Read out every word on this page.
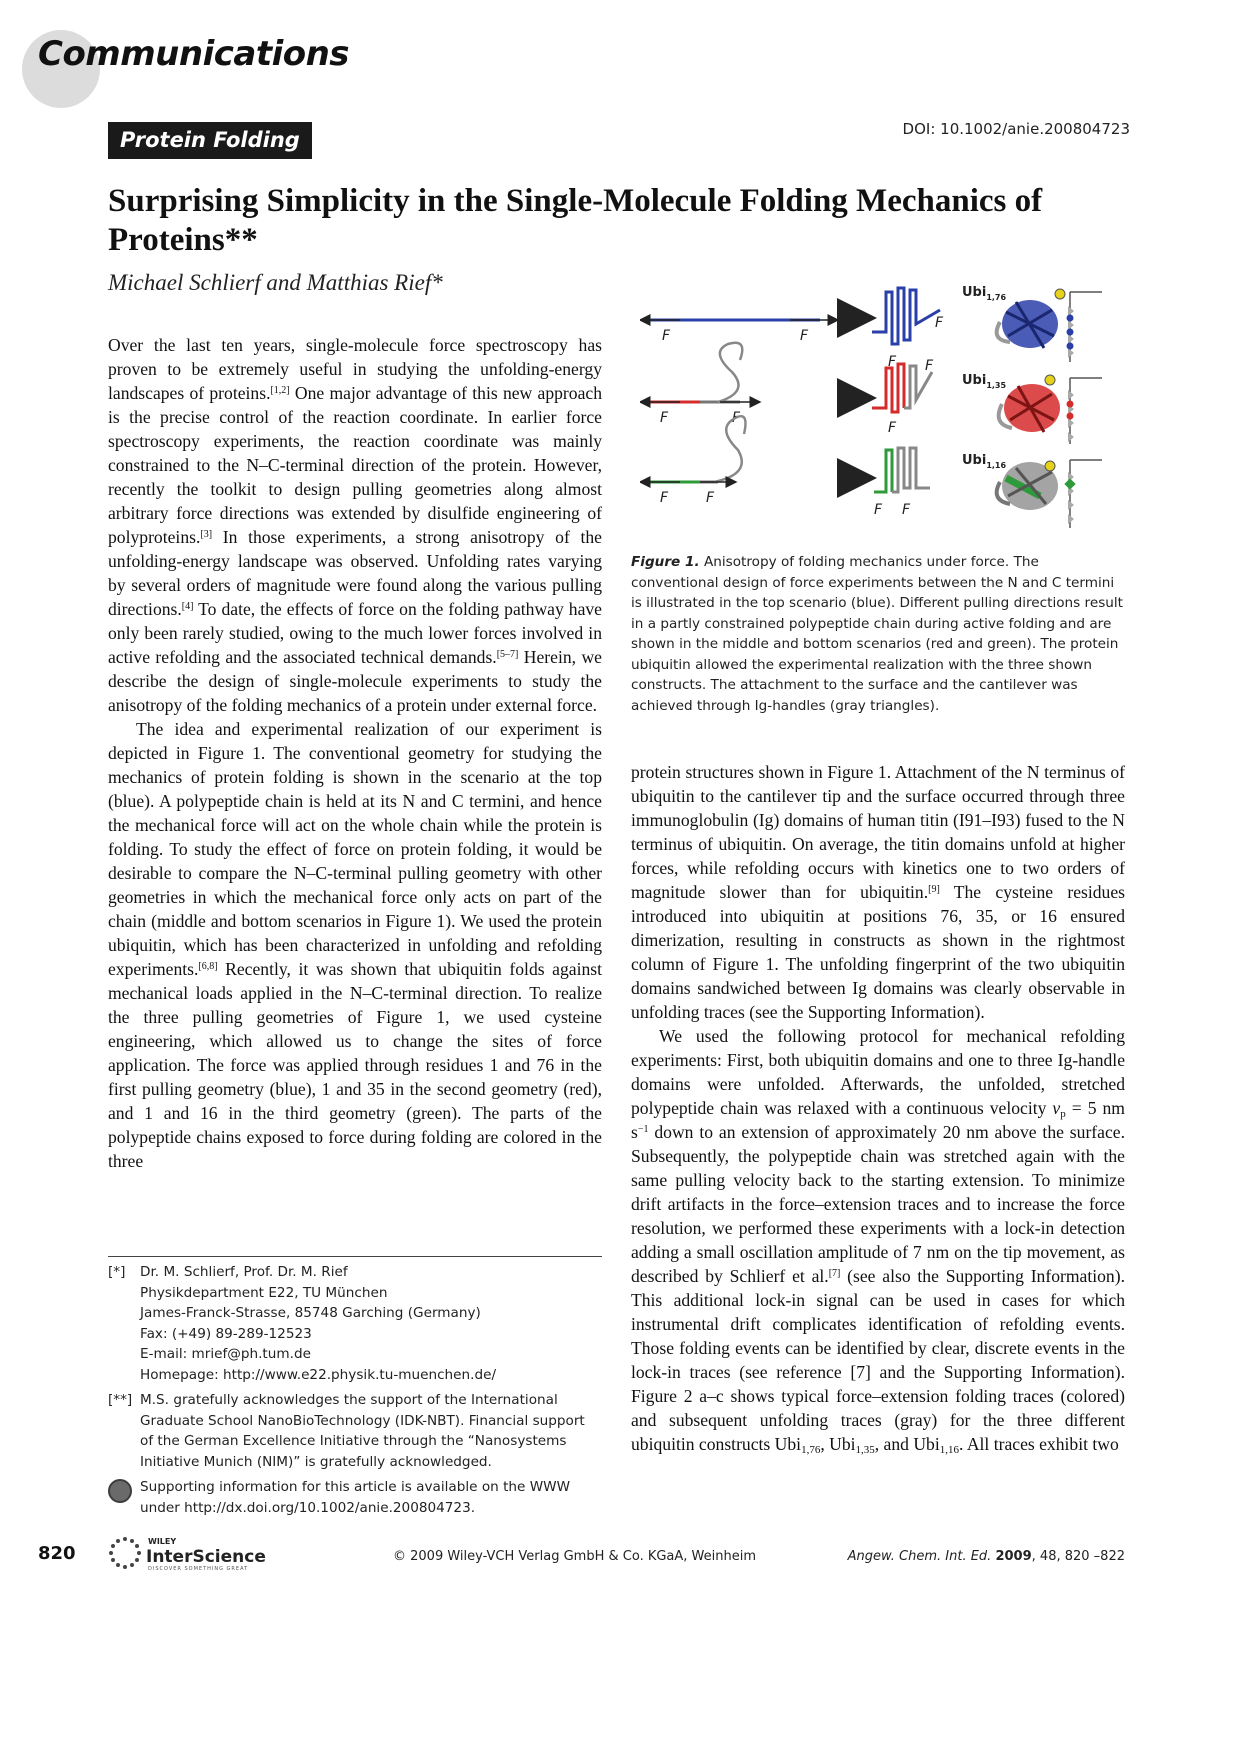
Communications
Protein Folding	DOI: 10.1002/anie.200804723
Surprising Simplicity in the Single-Molecule Folding Mechanics of Proteins**
Michael Schlierf and Matthias Rief*
F	F
F
F
Ubi$_{1,76}$
F	F
F
F
Ubi$_{1,35}$
F	F
F F
Ubi$_{1,16}$
Figure 1. Anisotropy of folding mechanics under force. The conventional design of force experiments between the N and C termini is illustrated in the top scenario (blue). Different pulling directions result in a partly constrained polypeptide chain during active folding and are shown in the middle and bottom scenarios (red and green). The protein ubiquitin allowed the experimental realization with the three shown constructs. The attachment to the surface and the cantilever was achieved through Ig-handles (gray triangles).

Over the last ten years, single-molecule force spectroscopy has proven to be extremely useful in studying the unfolding-energy landscapes of proteins.[1,2] One major advantage of this new approach is the precise control of the reaction coordinate. In earlier force spectroscopy experiments, the reaction coordinate was mainly constrained to the N–C-terminal direction of the protein. However, recently the toolkit to design pulling geometries along almost arbitrary force directions was extended by disulfide engineering of polyproteins.[3] In those experiments, a strong anisotropy of the unfolding-energy landscape was observed. Unfolding rates varying by several orders of magnitude were found along the various pulling directions.[4] To date, the effects of force on the folding pathway have only been rarely studied, owing to the much lower forces involved in active refolding and the associated technical demands.[5–7] Herein, we describe the design of single-molecule experiments to study the anisotropy of the folding mechanics of a protein under external force.

The idea and experimental realization of our experiment is depicted in Figure 1. The conventional geometry for studying the mechanics of protein folding is shown in the scenario at the top (blue). A polypeptide chain is held at its N and C termini, and hence the mechanical force will act on the whole chain while the protein is folding. To study the effect of force on protein folding, it would be desirable to compare the N–C-terminal pulling geometry with other geometries in which the mechanical force only acts on part of the chain (middle and bottom scenarios in Figure 1). We used the protein ubiquitin, which has been characterized in unfolding and refolding experiments.[6,8] Recently, it was shown that ubiquitin folds against mechanical loads applied in the N–C-terminal direction. To realize the three pulling geometries of Figure 1, we used cysteine engineering, which allowed us to change the sites of force application. The force was applied through residues 1 and 76 in the first pulling geometry (blue), 1 and 35 in the second geometry (red), and 1 and 16 in the third geometry (green). The parts of the polypeptide chains exposed to force during folding are colored in the three

protein structures shown in Figure 1. Attachment of the N terminus of ubiquitin to the cantilever tip and the surface occurred through three immunoglobulin (Ig) domains of human titin (I91–I93) fused to the N terminus of ubiquitin. On average, the titin domains unfold at higher forces, while refolding occurs with kinetics one to two orders of magnitude slower than for ubiquitin.[9] The cysteine residues introduced into ubiquitin at positions 76, 35, or 16 ensured dimerization, resulting in constructs as shown in the rightmost column of Figure 1. The unfolding fingerprint of the two ubiquitin domains sandwiched between Ig domains was clearly observable in unfolding traces (see the Supporting Information).

We used the following protocol for mechanical refolding experiments: First, both ubiquitin domains and one to three Ig-handle domains were unfolded. Afterwards, the unfolded, stretched polypeptide chain was relaxed with a continuous velocity $v_p = 5$ nm $s^{-1}$ down to an extension of approximately 20 nm above the surface. Subsequently, the polypeptide chain was stretched again with the same pulling velocity back to the starting extension. To minimize drift artifacts in the force–extension traces and to increase the force resolution, we performed these experiments with a lock-in detection adding a small oscillation amplitude of 7 nm on the tip movement, as described by Schlierf et al.[7] (see also the Supporting Information). This additional lock-in signal can be used in cases for which instrumental drift complicates identification of refolding events. Those folding events can be identified by clear, discrete events in the lock-in traces (see reference [7] and the Supporting Information). Figure 2 a–c shows typical force–extension folding traces (colored) and subsequent unfolding traces (gray) for the three different ubiquitin constructs Ubi$_{1,76}$, Ubi$_{1,35}$, and Ubi$_{1,16}$. All traces exhibit two

[*] Dr. M. Schlierf, Prof. Dr. M. Rief
Physikdepartment E22, TU München
James-Franck-Strasse, 85748 Garching (Germany)
Fax: (+49) 89-289-12523
E-mail: mrief@ph.tum.de
Homepage: http://www.e22.physik.tu-muenchen.de/
[**] M.S. gratefully acknowledges the support of the International Graduate School NanoBioTechnology (IDK-NBT). Financial support of the German Excellence Initiative through the “Nanosystems Initiative Munich (NIM)” is gratefully acknowledged.
Supporting information for this article is available on the WWW under http://dx.doi.org/10.1002/anie.200804723.
820
WILEY
InterScience
DISCOVER SOMETHING GREAT
© 2009 Wiley-VCH Verlag GmbH & Co. KGaA, Weinheim	Angew. Chem. Int. Ed. 2009, 48, 820 –822
